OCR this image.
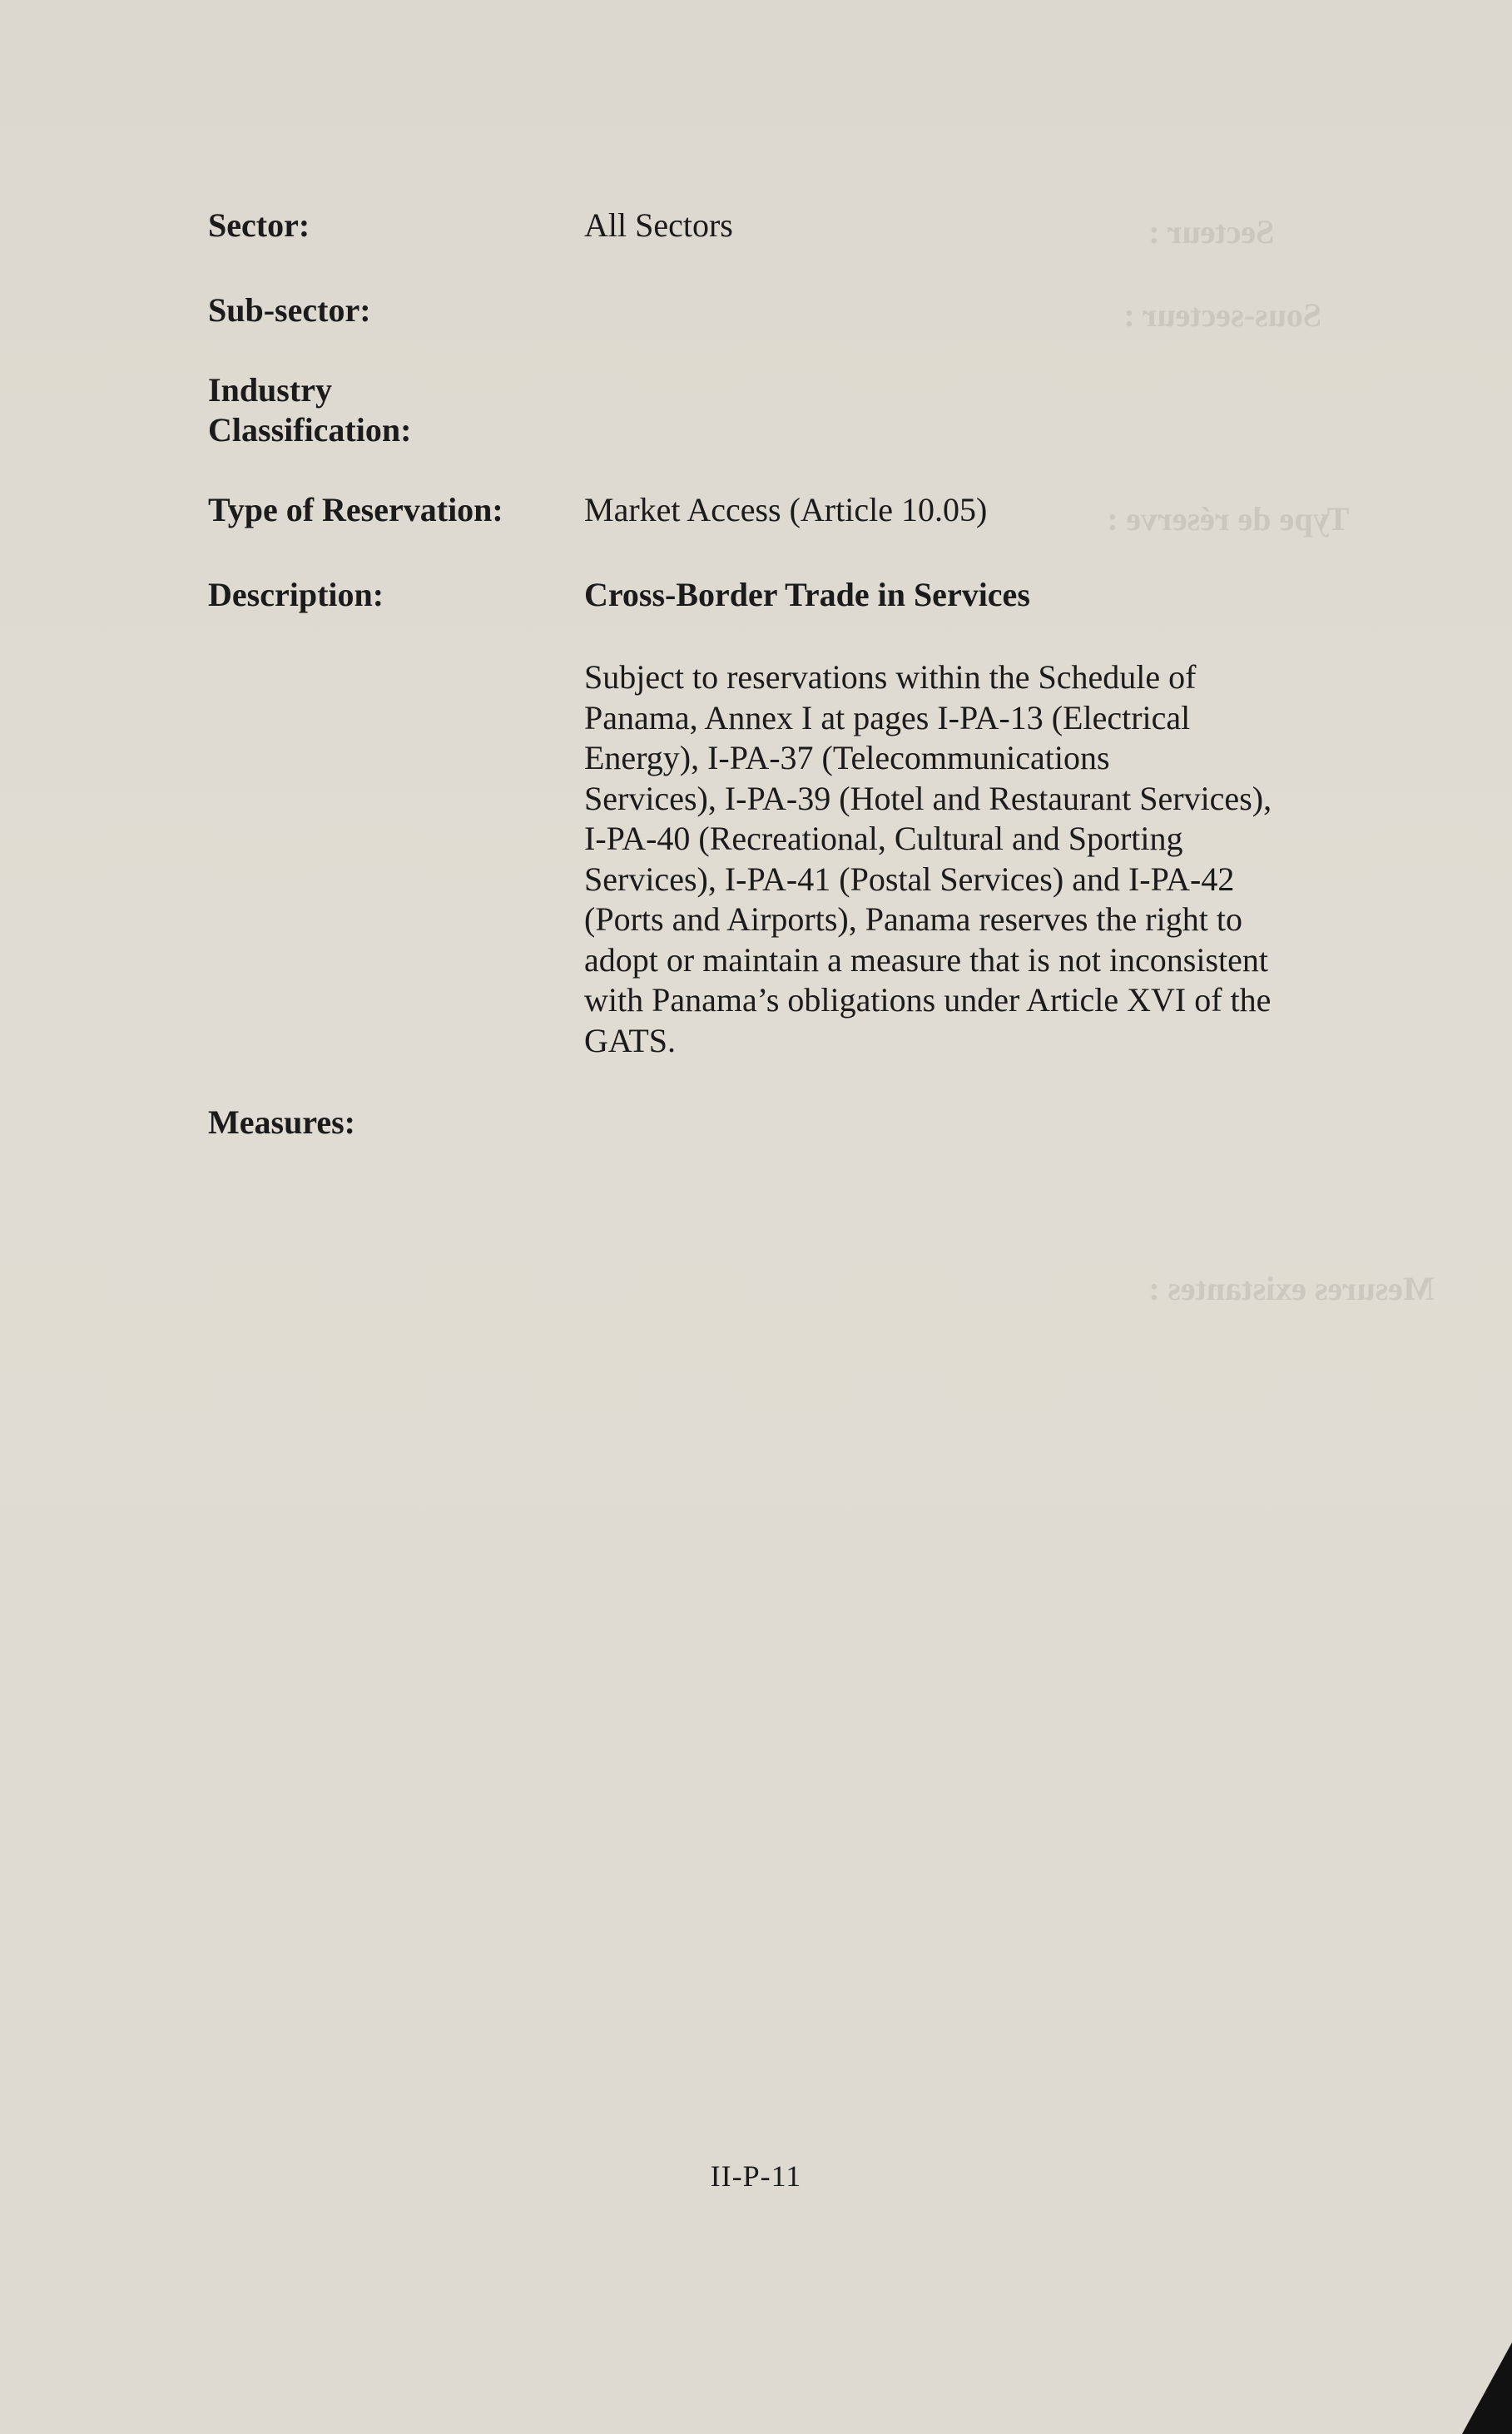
Secteur :
Sous-secteur :
Type de réserve :
Mesures existantes :
Sector:	All Sectors
Sub-sector:
Industry
Classification:
Type of Reservation: Market Access (Article 10.05)
Description:	Cross-Border Trade in Services

Subject to reservations within the Schedule of

Panama, Annex I at pages I-PA-13 (Electrical

Energy), I-PA-37 (Telecommunications

Services), I-PA-39 (Hotel and Restaurant Services),

I-PA-40 (Recreational, Cultural and Sporting

Services), I-PA-41 (Postal Services) and I-PA-42

(Ports and Airports), Panama reserves the right to

adopt or maintain a measure that is not inconsistent

with Panama’s obligations under Article XVI of the

GATS.

Measures:
II-P-11
